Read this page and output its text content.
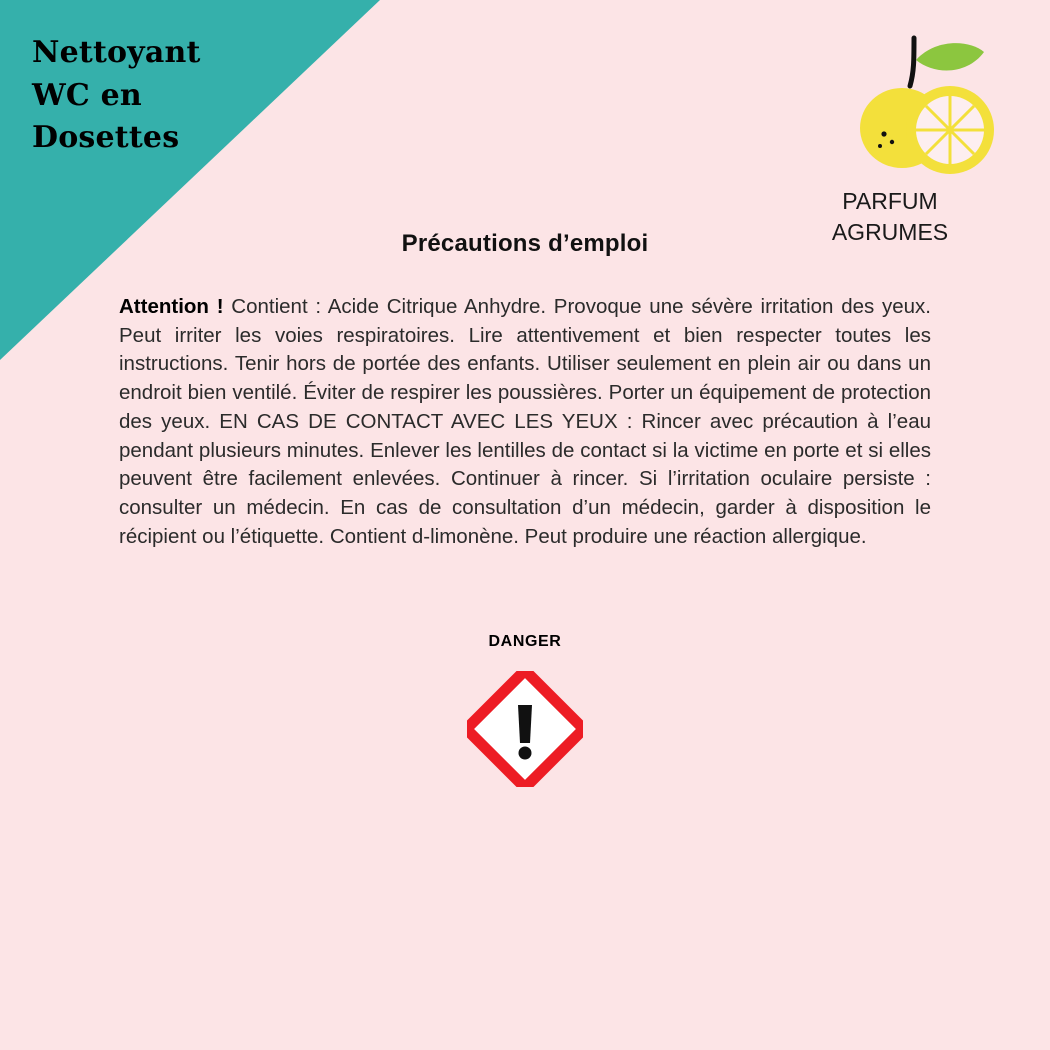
Nettoyant
WC en
Dosettes
PARFUM
AGRUMES
Précautions d’emploi
Attention ! Contient : Acide Citrique Anhydre. Provoque une sévère irritation des yeux. Peut irriter les voies respiratoires. Lire attentivement et bien respecter toutes les instructions. Tenir hors de portée des enfants. Utiliser seulement en plein air ou dans un endroit bien ventilé. Éviter de respirer les poussières. Porter un équipement de protection des yeux. EN CAS DE CONTACT AVEC LES YEUX : Rincer avec précaution à l’eau pendant plusieurs minutes. Enlever les lentilles de contact si la victime en porte et si elles peuvent être facilement enlevées. Continuer à rincer. Si l’irritation oculaire persiste : consulter un médecin. En cas de consultation d’un médecin, garder à disposition le récipient ou l’étiquette. Contient d-limonène. Peut produire une réaction allergique.
DANGER
